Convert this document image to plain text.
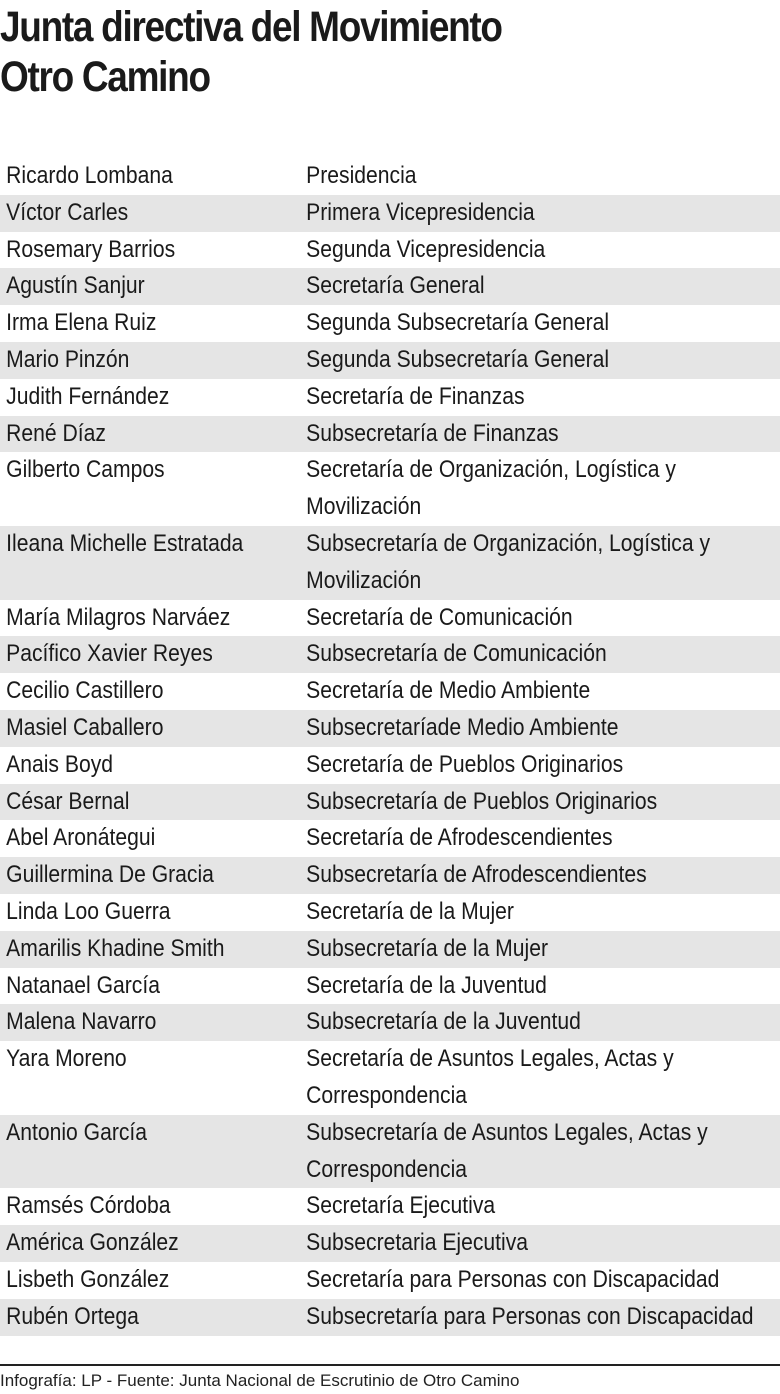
Junta directiva del Movimiento
Otro Camino
Ricardo Lombana	Presidencia
Víctor Carles	Primera Vicepresidencia
Rosemary Barrios	Segunda Vicepresidencia
Agustín Sanjur	Secretaría General
Irma Elena Ruiz	Segunda Subsecretaría General
Mario Pinzón	Segunda Subsecretaría General
Judith Fernández	Secretaría de Finanzas
René Díaz	Subsecretaría de Finanzas
Gilberto Campos	Secretaría de Organización, Logística y
Movilización
Ileana Michelle Estratada	Subsecretaría de Organización, Logística y
Movilización
María Milagros Narváez	Secretaría de Comunicación
Pacífico Xavier Reyes	Subsecretaría de Comunicación
Cecilio Castillero	Secretaría de Medio Ambiente
Masiel Caballero	Subsecretaríade Medio Ambiente
Anais Boyd	Secretaría de Pueblos Originarios
César Bernal	Subsecretaría de Pueblos Originarios
Abel Aronátegui	Secretaría de Afrodescendientes
Guillermina De Gracia	Subsecretaría de Afrodescendientes
Linda Loo Guerra	Secretaría de la Mujer
Amarilis Khadine Smith	Subsecretaría de la Mujer
Natanael García	Secretaría de la Juventud
Malena Navarro	Subsecretaría de la Juventud
Yara Moreno	Secretaría de Asuntos Legales, Actas y
Correspondencia
Antonio García	Subsecretaría de Asuntos Legales, Actas y
Correspondencia
Ramsés Córdoba	Secretaría Ejecutiva
América González	Subsecretaria Ejecutiva
Lisbeth González	Secretaría para Personas con Discapacidad
Rubén Ortega	Subsecretaría para Personas con Discapacidad
Infografía: LP - Fuente: Junta Nacional de Escrutinio de Otro Camino
